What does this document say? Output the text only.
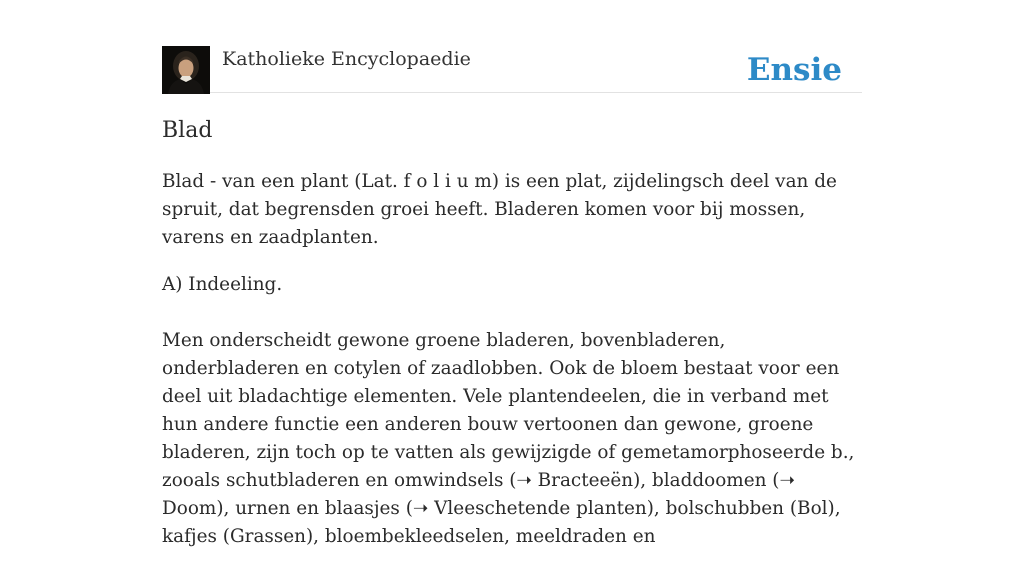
Katholieke Encyclopaedie	Ensie
Blad

Blad - van een plant (Lat. f o l i u m) is een plat, zijdelingsch deel van de spruit, dat begrensden groei heeft. Bladeren komen voor bij mossen, varens en zaadplanten.

A) Indeeling.

Men onderscheidt gewone groene bladeren, bovenbladeren, onderbladeren en cotylen of zaadlobben. Ook de bloem bestaat voor een deel uit bladachtige elementen. Vele plantendeelen, die in verband met hun andere functie een anderen bouw vertoonen dan gewone, groene bladeren, zijn toch op te vatten als gewijzigde of gemetamorphoseerde b., zooals schutbladeren en omwindsels (➝ Bracteeën), bladdoomen (➝ Doom), urnen en blaasjes (➝ Vleeschetende planten), bolschubben (Bol), kafjes (Grassen), bloembekleedselen, meeldraden en
